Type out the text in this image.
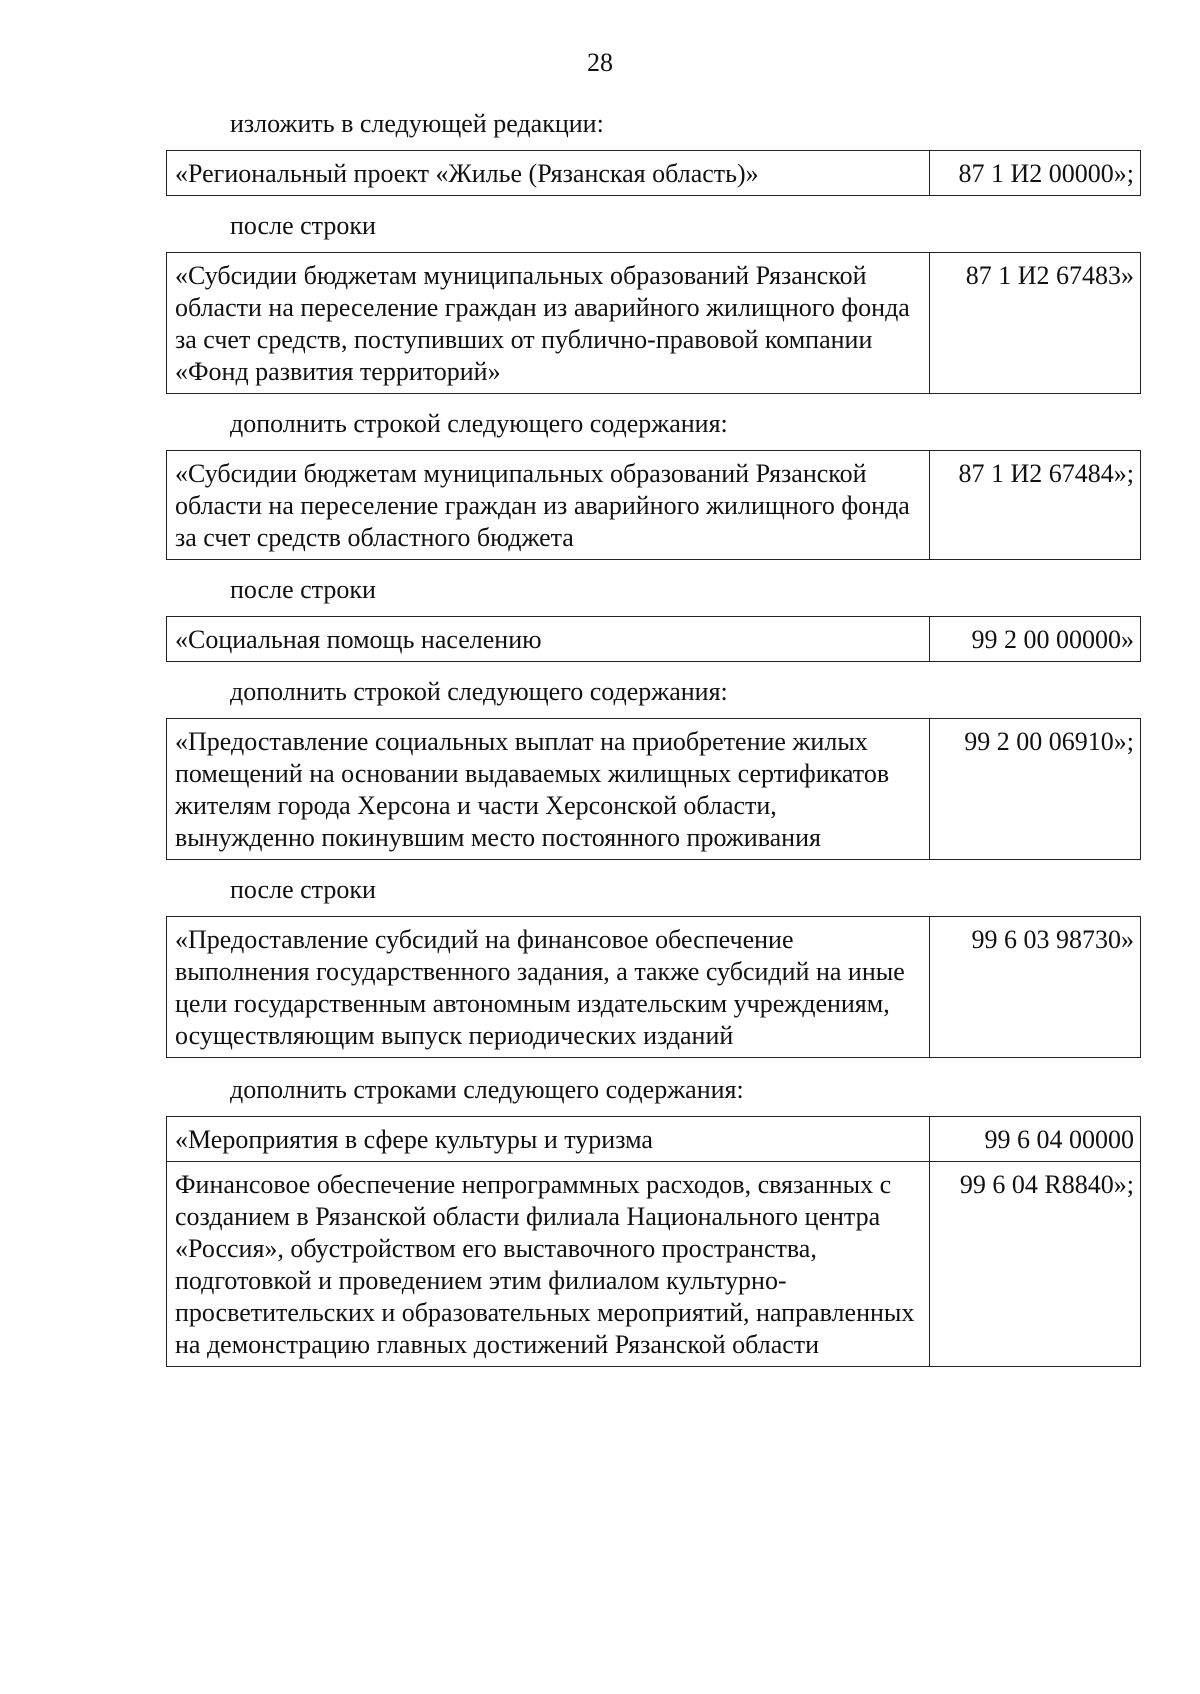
28

изложить в следующей редакции:

«Региональный проект «Жилье (Рязанская область)»	87 1 И2 00000»;

после строки

«Субсидии бюджетам муниципальных образований Рязанской области на переселение граждан из аварийного жилищного фонда за счет средств, поступивших от публично-правовой компании «Фонд развития территорий»	87 1 И2 67483»

дополнить строкой следующего содержания:

«Субсидии бюджетам муниципальных образований Рязанской области на переселение граждан из аварийного жилищного фонда за счет средств областного бюджета	87 1 И2 67484»;

после строки

«Социальная помощь населению	99 2 00 00000»

дополнить строкой следующего содержания:

«Предоставление социальных выплат на приобретение жилых помещений на основании выдаваемых жилищных сертификатов жителям города Херсона и части Херсонской области, вынужденно покинувшим место постоянного проживания	99 2 00 06910»;

после строки

«Предоставление субсидий на финансовое обеспечение выполнения государственного задания, а также субсидий на иные цели государственным автономным издательским учреждениям, осуществляющим выпуск периодических изданий	99 6 03 98730»

дополнить строками следующего содержания:

«Мероприятия в сфере культуры и туризма	99 6 04 00000
Финансовое обеспечение непрограммных расходов, связанных с созданием в Рязанской области филиала Национального центра «Россия», обустройством его выставочного пространства, подготовкой и проведением этим филиалом культурно-просветительских и образовательных мероприятий, направленных на демонстрацию главных достижений Рязанской области	99 6 04 R8840»;
